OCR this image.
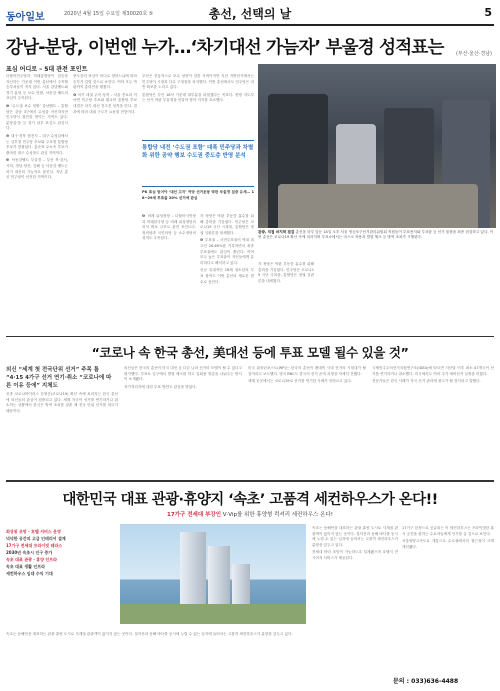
동아일보	2020년 4월 15일 수요일 제30020호 ⑤	총선, 선택의 날	5
강남-분당, 이번엔 누가…‘차기대선 가늠자’ 부울경 성적표는	(부산·울산·경남)
표심 어디로 – 5대 관전 포인트

더불어민주당과 미래통합당이 압승을 자신하는 가운데 이번 총선에서 주목할 승부처들이 적지 않다. 서울 강남벨트와 경기 분당 등 보수 텃밭, 낙동강 벨트의 표심이 주목된다.

❶ ‘수도권 보수 텃밭’ 강남벨트 – 통합당은 강남 3구에서 수성을 자신하지만 민주당이 접전을 벌이는 지역도 있다. 분당갑·을 등 경기 남부 표심도 관심사다.

❷ 대구·경북 접전지 – 대구 수성갑에서는 김부겸 민주당 후보와 주호영 통합당 후보가 맞붙었다. 홍준표 무소속 후보가 출마한 대구 수성을도 관심 지역이다.

❸ 낙동강벨트 부울경 – 부산 북·강서, 사하, 경남 양산, 김해 등 낙동강 벨트는 차기 대선의 가늠자로 꼽힌다. 지난 총선 민주당이 선전한 지역이다.

중도층의 표심이 어디로 향하느냐에 따라 승부가 갈릴 것으로 보인다. 여야 모두 막판까지 총력전을 펼쳤다.

❹ 차기 대권 주자 성적 – 서울 종로의 이낙연 민주당 후보와 황교안 통합당 후보 대결은 차기 대선 전초전 성격을 띤다. 결과에 따라 대권 구도가 요동칠 전망이다.

부산은 전통적으로 보수 성향이 강한 지역이지만 지난 지방선거에서는 민주당이 시장과 다수 구청장을 차지했다. 이번 총선에서도 민주당은 과반 확보를 노리고 있다.

통합당은 부산 18석 가운데 대부분을 되찾겠다는 목표다. 양당 지도부는 선거 막판 부울경을 잇달아 찾아 지지를 호소했다.

통합당 내전 ‘수도권 포함’ 대폭 민주당과 차별화 위한 공약 행보 수도권 중도층 반영 분석
PK 표심 얻어야 ‘대선 고지’ 여당 선거운동 막판 부울경 집중 유세… 18~29세 투표율 20% 선거에 관심

❺ 비례 위성정당 – 더불어시민당과 미래한국당 등 비례 위성정당의 의석 확보 규모도 관전 포인트다. 정의당과 국민의당 등 소수정당의 성적도 주목된다.

각 정당은 막판 부동층 흡수를 위해 총력을 기울였다. 민주당은 코로나19 국난 극복을, 통합당은 정권 심판론을 내세웠다.

❻ 투표율 – 사전투표율이 역대 최고인 26.69%를 기록하면서 최종 투표율에도 관심이 쏠린다. 여야 모두 높은 투표율이 자신들에게 유리하다고 해석하고 있다.

신규 유권자인 18세 청소년의 투표 참여도 이번 총선의 새로운 변수로 꼽힌다.

관광, 직접 마지막 점검 총선을 하루 앞둔 14일 오후 서울 영등포구선거관리위원회 직원들이 투표용지와 투표함 등 선거 물품을 최종 점검하고 있다. 이번 총선은 코로나19 확산 속에 치러지며 투표소에서는 마스크 착용과 발열 체크 등 방역 조치가 시행된다.

각 정당은 막판 부동층 흡수를 위해 총력을 기울였다. 민주당은 코로나19 국난 극복을, 통합당은 정권 심판론을 내세웠다.

“코로나 속 한국 총선, 美대선 등에 투표 모델 될수 있을 것”
외신 “세계 첫 전국단위 선거” 주목 톰 “4·15 4가구 선거 연기·취소 “코로나에 따른 이유 등에” 지체도

신종 코로나바이러스 감염증(코로나19) 확산 속에 치러지는 한국 총선에 외신들의 관심이 집중되고 있다. 세계 각국이 선거를 연기하거나 취소하는 상황에서 한국은 방역 조치를 갖춘 채 전국 단위 선거를 치르기 때문이다.

외신들은 한국의 총선이 미국 대선 등 다른 나라 선거의 모델이 될 수 있다고 평가했다. 투표소 입구에서 발열 체크를 하고 일회용 장갑을 나눠주는 방식이 소개됐다.

자가격리자에 대한 투표 방안도 관심을 받았다.

미국 워싱턴포스트(WP)는 한국의 총선이 팬데믹 시대 선거의 시험대가 될 것이라고 보도했다. 영국 BBC도 한국의 선거 준비 과정을 자세히 전했다.

세계 곳곳에서는 코로나19로 선거를 연기한 사례가 잇따르고 있다.

국제민주주의선거지원연구소(IDEA)에 따르면 지난달 이후 최소 47개국이 선거를 연기하거나 취소했다. 미국에서도 여러 주가 예비선거 일정을 미뤘다.

전문가들은 한국 사례가 각국 선거 관리에 참고가 될 것이라고 말했다.

대한민국 대표 관광·휴양지 ‘속초’ 고품격 세컨하우스가 온다!!
17가구 전세대 부강인 V·Vip를 위한 휴양형 럭셔리 세컨하우스 온다!
최상위 조망 · 호텔 서비스 운영
넉넉한 공간의 고급 인테리어 설계
17가구 전세대 프라이빗 테라스
2030년 속초시 인구 증가
속초 대표 관광 · 휴양 인프라
속초 대표 생활 인프라
세컨하우스 임대 수익 기대

속초는 동해안을 대표하는 관광 휴양 도시로 사계절 관광객이 끊이지 않는 곳이다. 설악산과 동해 바다를 동시에 누릴 수 있는 입지에 들어서는 고품격 세컨하우스가 분양을 앞두고 있다.

전세대 바다 조망이 가능하도록 설계됐으며 호텔식 컨시어지 서비스가 제공된다.

17가구 한정으로 공급되는 이 세컨하우스는 프라이빗한 휴식 공간을 원하는 수요자들에게 인기를 끌 것으로 보인다.

서울양양고속도로 개통으로 수도권에서의 접근성이 크게 개선됐다.

속초는 동해안을 대표하는 관광 휴양 도시로 사계절 관광객이 끊이지 않는 곳이다. 설악산과 동해 바다를 동시에 누릴 수 있는 입지에 들어서는 고품격 세컨하우스가 분양을 앞두고 있다.

문의 : 033)636-4488
